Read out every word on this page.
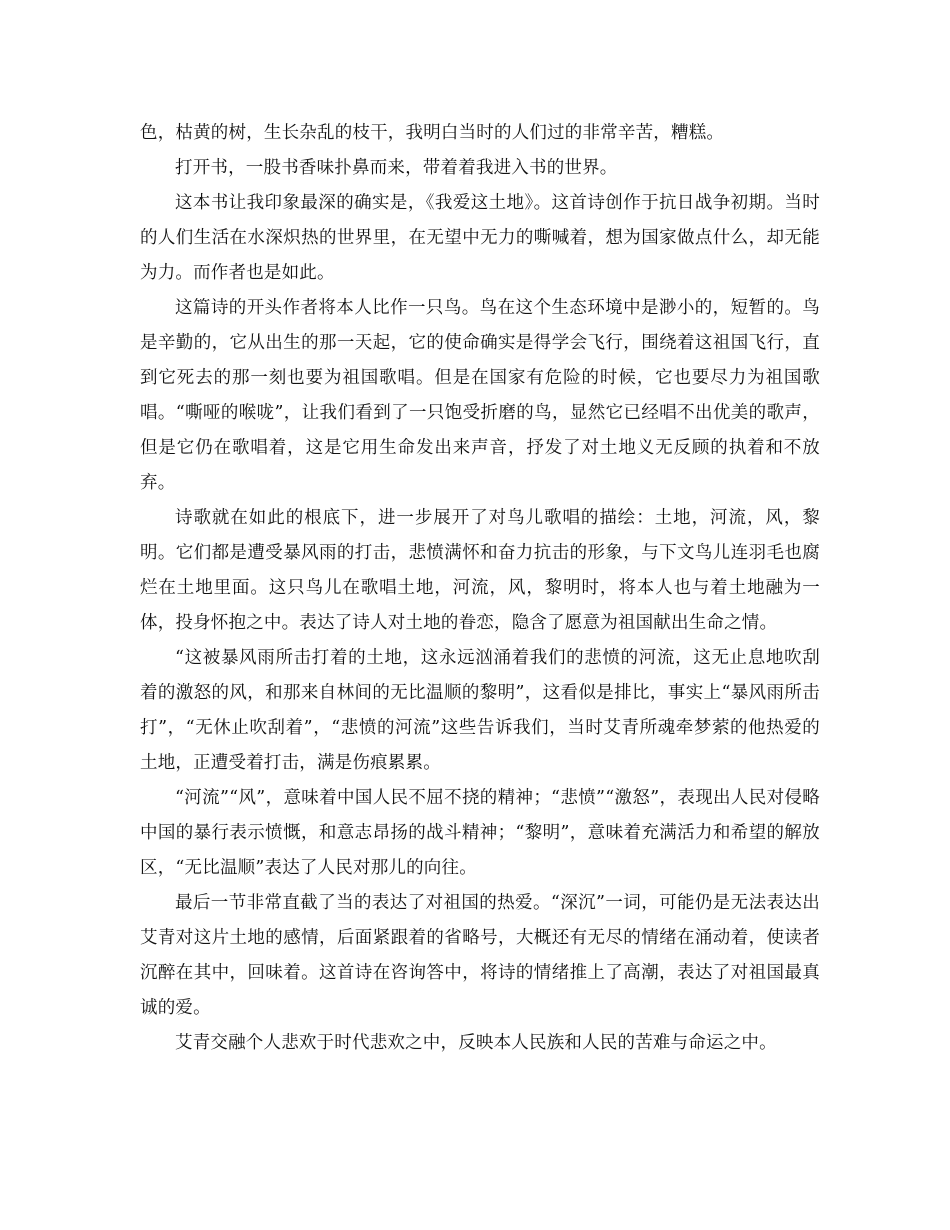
色，枯黄的树，生长杂乱的枝干，我明白当时的人们过的非常辛苦，糟糕。

打开书，一股书香味扑鼻而来，带着着我进入书的世界。

这本书让我印象最深的确实是，《我爱这土地》。这首诗创作于抗日战争初期。当时的人们生活在水深炽热的世界里，在无望中无力的嘶喊着，想为国家做点什么，却无能为力。而作者也是如此。

这篇诗的开头作者将本人比作一只鸟。鸟在这个生态环境中是渺小的，短暂的。鸟是辛勤的，它从出生的那一天起，它的使命确实是得学会飞行，围绕着这祖国飞行，直到它死去的那一刻也要为祖国歌唱。但是在国家有危险的时候，它也要尽力为祖国歌唱。“嘶哑的喉咙”，让我们看到了一只饱受折磨的鸟，显然它已经唱不出优美的歌声，但是它仍在歌唱着，这是它用生命发出来声音，抒发了对土地义无反顾的执着和不放弃。

诗歌就在如此的根底下，进一步展开了对鸟儿歌唱的描绘：土地，河流，风，黎明。它们都是遭受暴风雨的打击，悲愤满怀和奋力抗击的形象，与下文鸟儿连羽毛也腐烂在土地里面。这只鸟儿在歌唱土地，河流，风，黎明时，将本人也与着土地融为一体，投身怀抱之中。表达了诗人对土地的眷恋，隐含了愿意为祖国献出生命之情。

“这被暴风雨所击打着的土地，这永远汹涌着我们的悲愤的河流，这无止息地吹刮着的激怒的风，和那来自林间的无比温顺的黎明”，这看似是排比，事实上“暴风雨所击打”，“无休止吹刮着”，“悲愤的河流”这些告诉我们，当时艾青所魂牵梦萦的他热爱的土地，正遭受着打击，满是伤痕累累。

“河流”“风”，意味着中国人民不屈不挠的精神；“悲愤”“激怒”，表现出人民对侵略中国的暴行表示愤慨，和意志昂扬的战斗精神；“黎明”，意味着充满活力和希望的解放区，“无比温顺”表达了人民对那儿的向往。

最后一节非常直截了当的表达了对祖国的热爱。“深沉”一词，可能仍是无法表达出艾青对这片土地的感情，后面紧跟着的省略号，大概还有无尽的情绪在涌动着，使读者沉醉在其中，回味着。这首诗在咨询答中，将诗的情绪推上了高潮，表达了对祖国最真诚的爱。

艾青交融个人悲欢于时代悲欢之中，反映本人民族和人民的苦难与命运之中。
